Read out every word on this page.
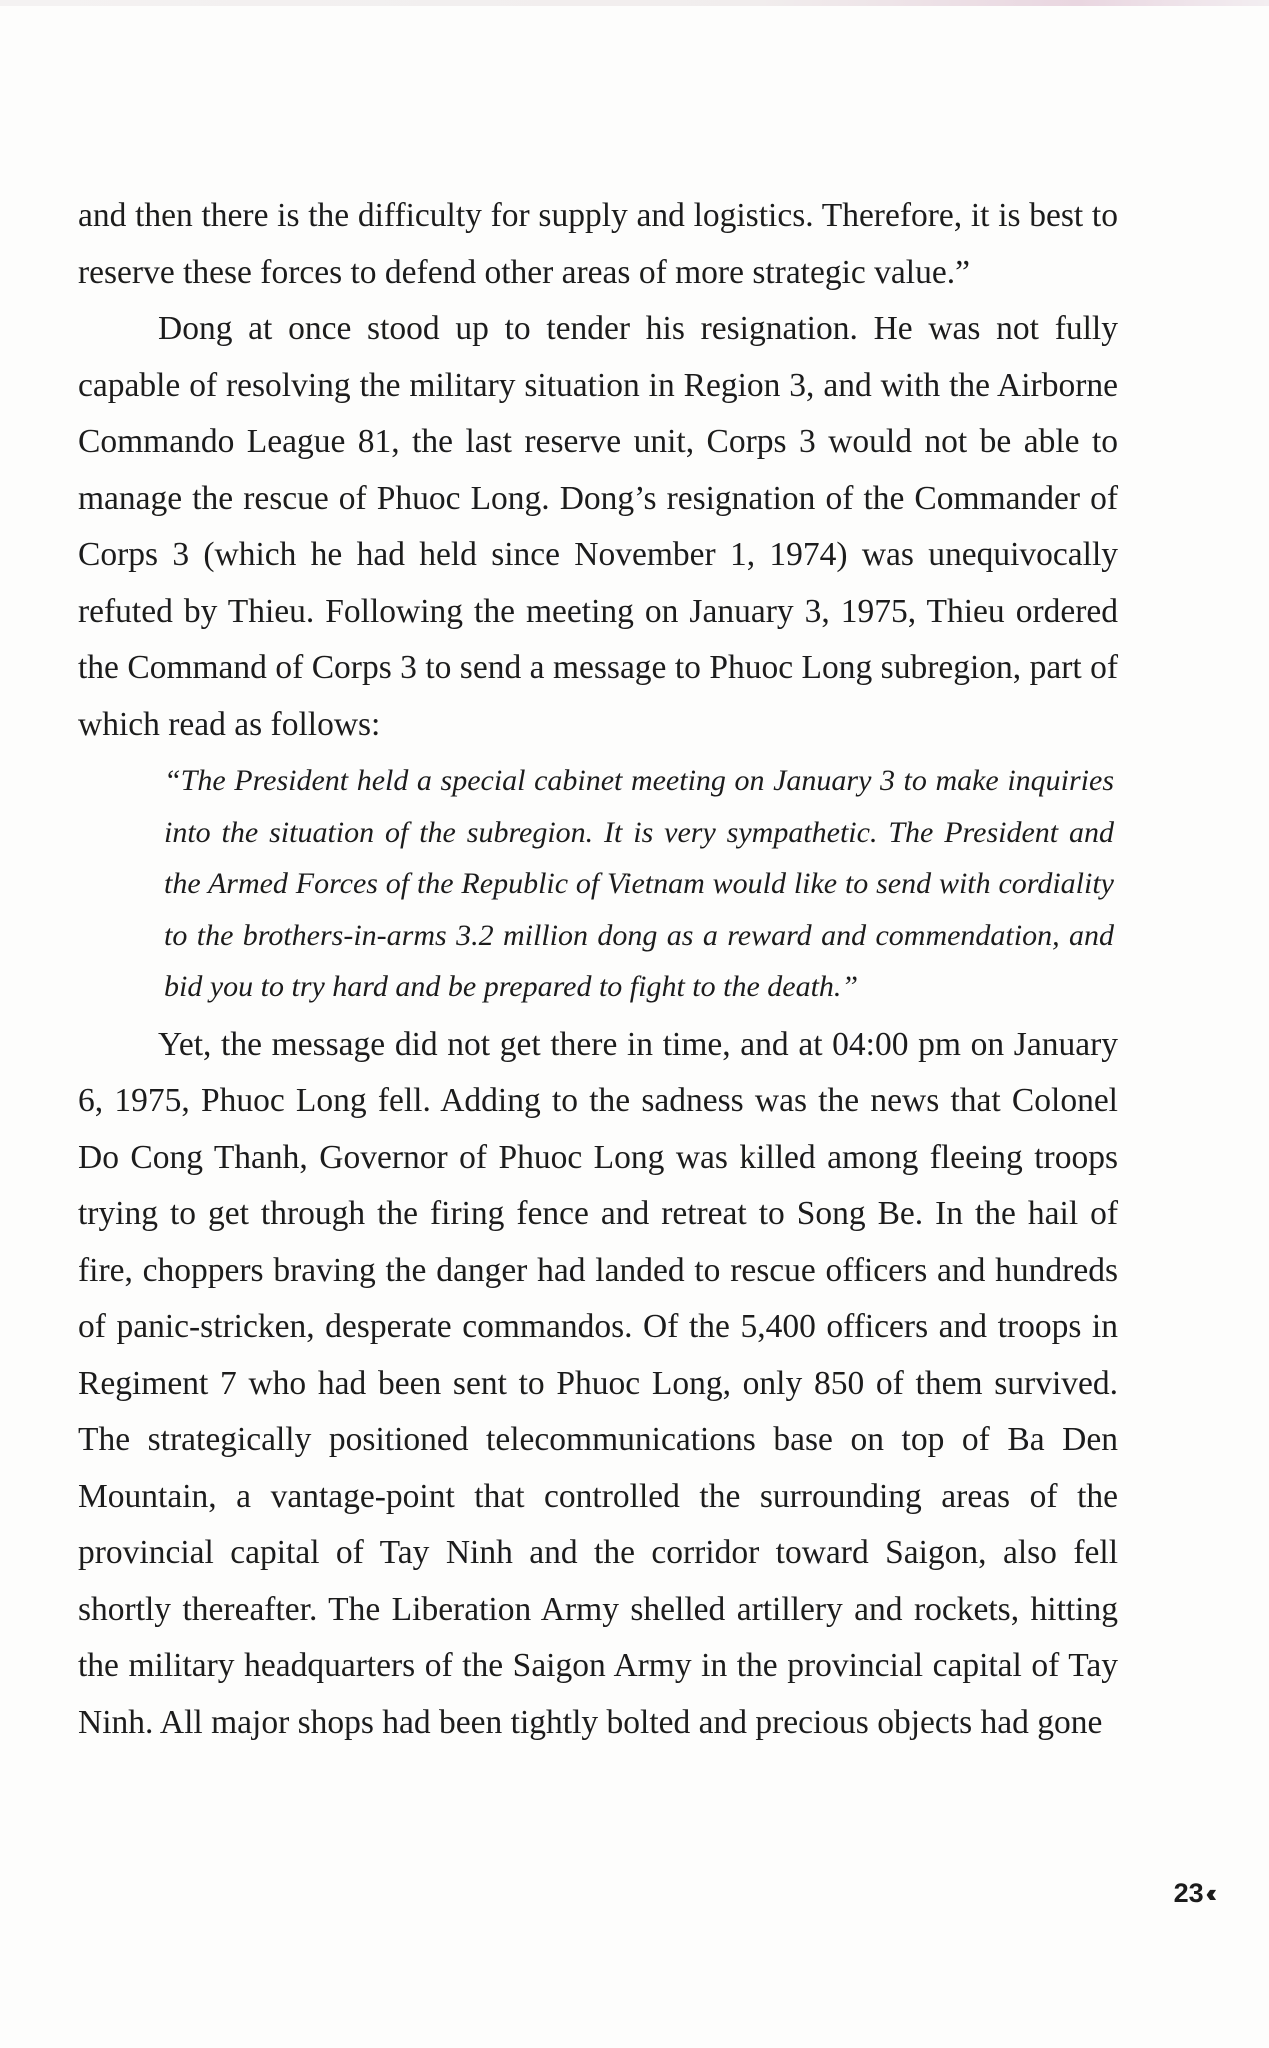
and then there is the difficulty for supply and logistics. Therefore, it is best to reserve these forces to defend other areas of more strategic value.”

Dong at once stood up to tender his resignation. He was not fully capable of resolving the military situation in Region 3, and with the Airborne Commando League 81, the last reserve unit, Corps 3 would not be able to manage the rescue of Phuoc Long. Dong’s resignation of the Commander of Corps 3 (which he had held since November 1, 1974) was unequivocally refuted by Thieu. Following the meeting on January 3, 1975, Thieu ordered the Command of Corps 3 to send a message to Phuoc Long subregion, part of which read as follows:

“The President held a special cabinet meeting on January 3 to make inquiries into the situation of the subregion. It is very sympathetic. The President and the Armed Forces of the Republic of Vietnam would like to send with cordiality to the brothers-in-arms 3.2 million dong as a reward and commendation, and bid you to try hard and be prepared to fight to the death.”

Yet, the message did not get there in time, and at 04:00 pm on January 6, 1975, Phuoc Long fell. Adding to the sadness was the news that Colonel Do Cong Thanh, Governor of Phuoc Long was killed among fleeing troops trying to get through the firing fence and retreat to Song Be. In the hail of fire, choppers braving the danger had landed to rescue officers and hundreds of panic-stricken, desperate commandos. Of the 5,400 officers and troops in Regiment 7 who had been sent to Phuoc Long, only 850 of them survived. The strategically positioned telecommunications base on top of Ba Den Mountain, a vantage-point that controlled the surrounding areas of the provincial capital of Tay Ninh and the corridor toward Saigon, also fell shortly thereafter. The Liberation Army shelled artillery and rockets, hitting the military headquarters of the Saigon Army in the provincial capital of Tay Ninh. All major shops had been tightly bolted and precious objects had gone

23 ‹‹
